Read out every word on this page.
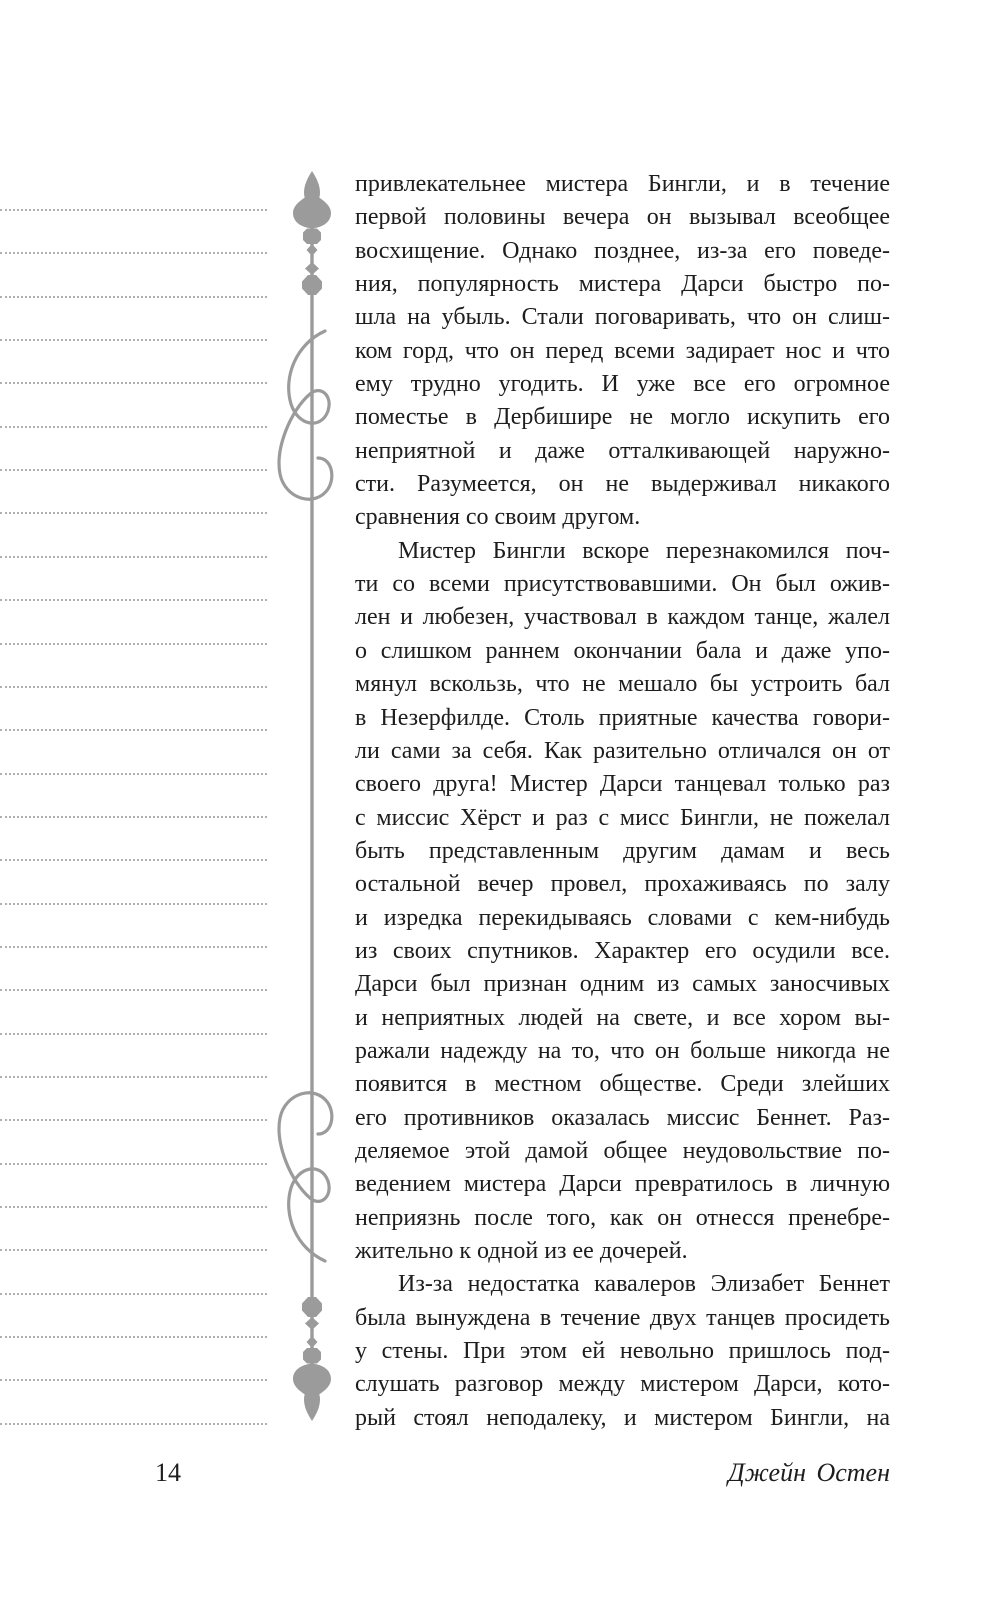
привлекательнее мистера Бингли, и в течение
первой половины вечера он вызывал всеобщее
восхищение. Однако позднее, из-за его поведе-
ния, популярность мистера Дарси быстро по-
шла на убыль. Стали поговаривать, что он слиш-
ком горд, что он перед всеми задирает нос и что
ему трудно угодить. И уже все его огромное
поместье в Дербишире не могло искупить его
неприятной и даже отталкивающей наружно-
сти. Разумеется, он не выдерживал никакого
сравнения со своим другом.
Мистер Бингли вскоре перезнакомился поч-
ти со всеми присутствовавшими. Он был ожив-
лен и любезен, участвовал в каждом танце, жалел
о слишком раннем окончании бала и даже упо-
мянул вскользь, что не мешало бы устроить бал
в Незерфилде. Столь приятные качества говори-
ли сами за себя. Как разительно отличался он от
своего друга! Мистер Дарси танцевал только раз
с миссис Хёрст и раз с мисс Бингли, не пожелал
быть представленным другим дамам и весь
остальной вечер провел, прохаживаясь по залу
и изредка перекидываясь словами с кем-нибудь
из своих спутников. Характер его осудили все.
Дарси был признан одним из самых заносчивых
и неприятных людей на свете, и все хором вы-
ражали надежду на то, что он больше никогда не
появится в местном обществе. Среди злейших
его противников оказалась миссис Беннет. Раз-
деляемое этой дамой общее неудовольствие по-
ведением мистера Дарси превратилось в личную
неприязнь после того, как он отнесся пренебре-
жительно к одной из ее дочерей.
Из-за недостатка кавалеров Элизабет Беннет
была вынуждена в течение двух танцев просидеть
у стены. При этом ей невольно пришлось под-
слушать разговор между мистером Дарси, кото-
рый стоял неподалеку, и мистером Бингли, на
14	Джейн Остен
